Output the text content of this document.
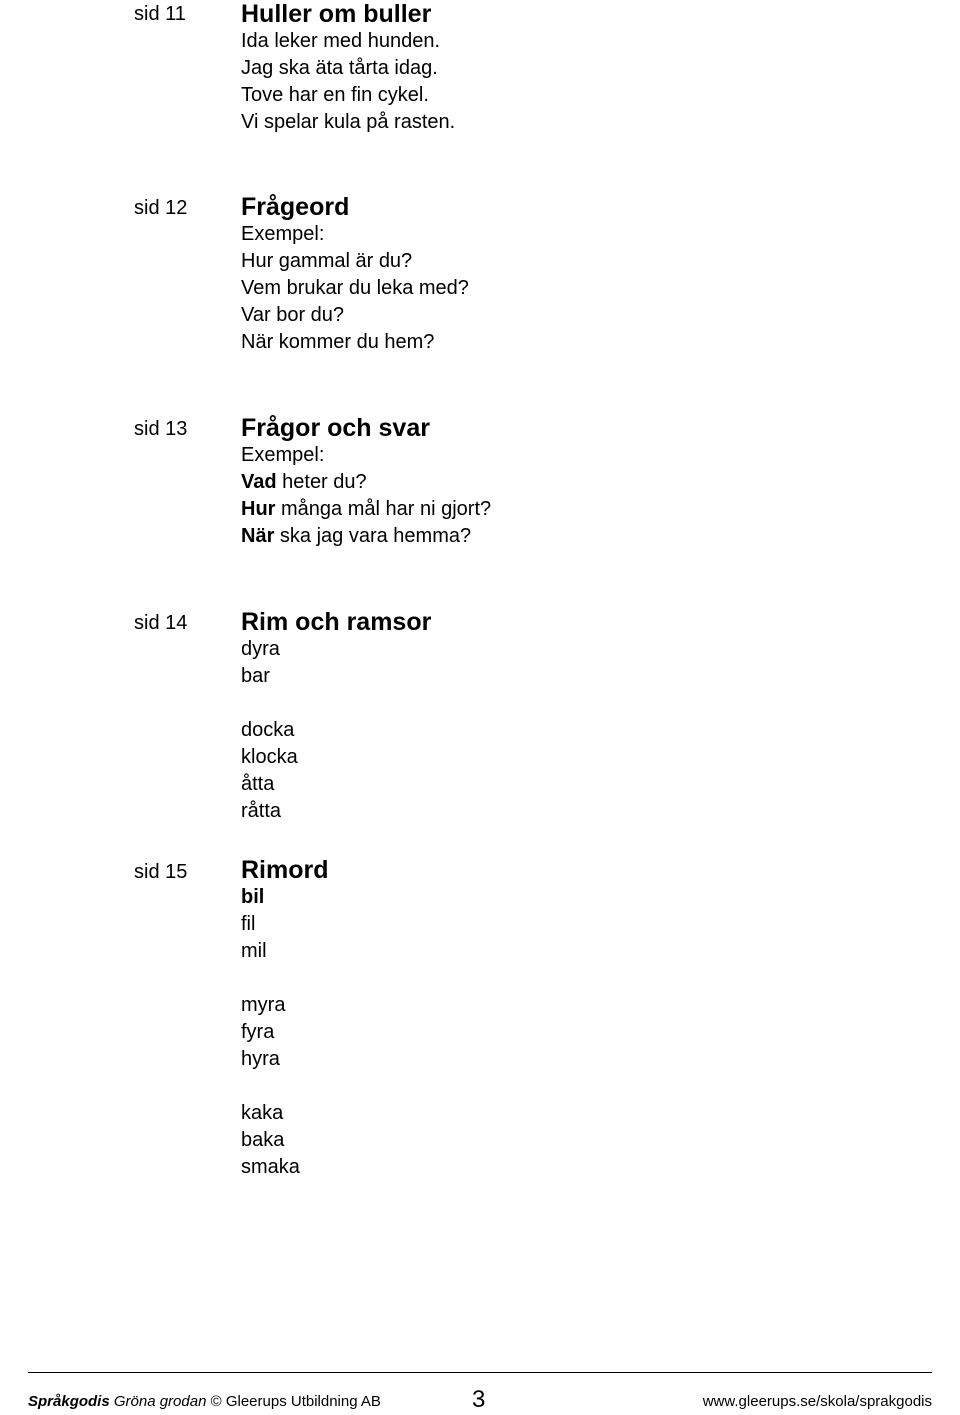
sid 11 Huller om buller
Ida leker med hunden.
Jag ska äta tårta idag.
Tove har en fin cykel.
Vi spelar kula på rasten.
sid 12 Frågeord
Exempel:
Hur gammal är du?
Vem brukar du leka med?
Var bor du?
När kommer du hem?
sid 13 Frågor och svar
Exempel:
Vad heter du?
Hur många mål har ni gjort?
När ska jag vara hemma?
sid 14 Rim och ramsor
dyra
bar
docka
klocka
åtta
råtta
sid 15 Rimord
bil
fil
mil
myra
fyra
hyra
kaka
baka
smaka
Språkgodis Gröna grodan © Gleerups Utbildning AB	3	www.gleerups.se/skola/sprakgodis
